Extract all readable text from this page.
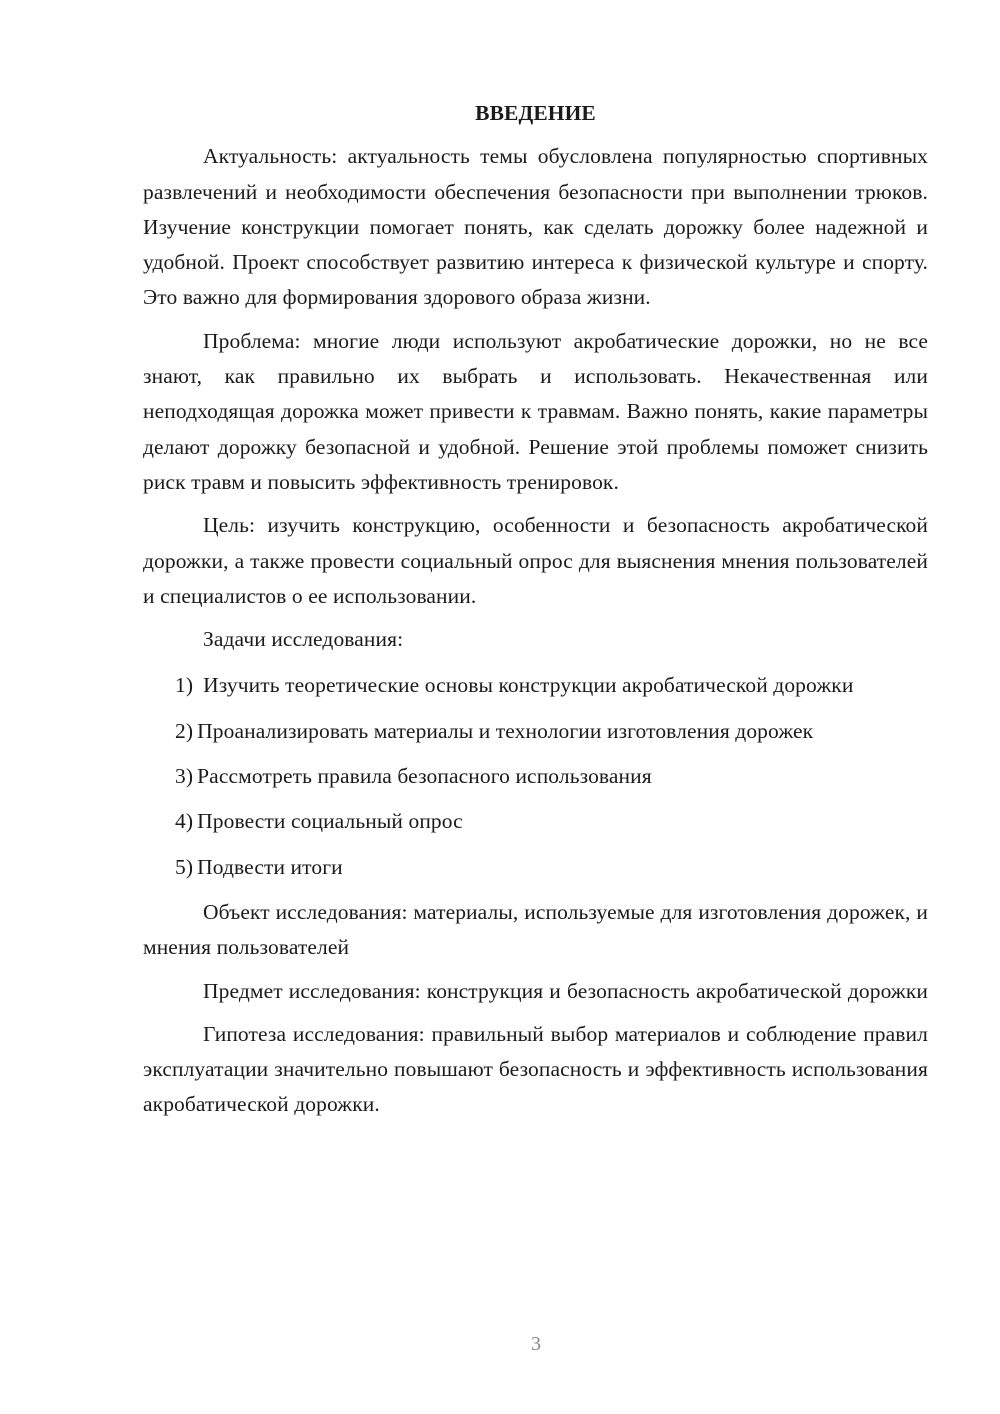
ВВЕДЕНИЕ

Актуальность: актуальность темы обусловлена популярностью спортивных развлечений и необходимости обеспечения безопасности при выполнении трюков. Изучение конструкции помогает понять, как сделать дорожку более надежной и удобной. Проект способствует развитию интереса к физической культуре и спорту. Это важно для формирования здорового образа жизни.

Проблема: многие люди используют акробатические дорожки, но не все знают, как правильно их выбрать и использовать. Некачественная или неподходящая дорожка может привести к травмам. Важно понять, какие параметры делают дорожку безопасной и удобной. Решение этой проблемы поможет снизить риск травм и повысить эффективность тренировок.

Цель: изучить конструкцию, особенности и безопасность акробатической дорожки, а также провести социальный опрос для выяснения мнения пользователей и специалистов о ее использовании.

Задачи исследования:

1) Изучить теоретические основы конструкции акробатической дорожки

2) Проанализировать материалы и технологии изготовления дорожек

3) Рассмотреть правила безопасного использования

4) Провести социальный опрос

5) Подвести итоги

Объект исследования: материалы, используемые для изготовления дорожек, и мнения пользователей

Предмет исследования: конструкция и безопасность акробатической дорожки

Гипотеза исследования: правильный выбор материалов и соблюдение правил эксплуатации значительно повышают безопасность и эффективность использования акробатической дорожки.

3
